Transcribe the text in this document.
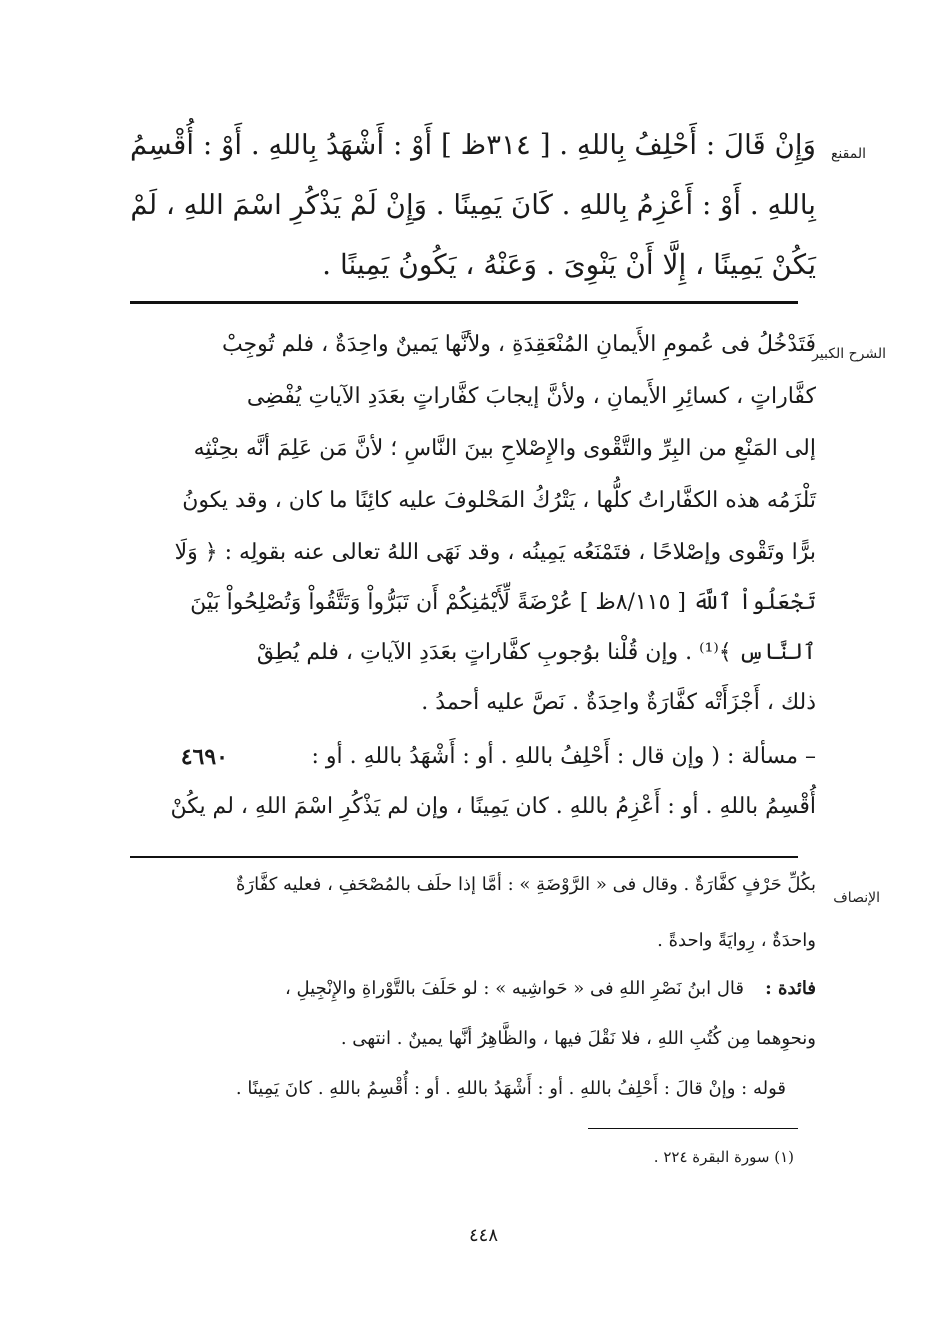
المقنع
وَإِنْ قَالَ : أَحْلِفُ بِاللهِ . [ ٣١٤ظ ] أَوْ : أَشْهَدُ بِاللهِ . أَوْ : أُقْسِمُ
بِاللهِ . أَوْ : أَعْزِمُ بِاللهِ . كَانَ يَمِينًا . وَإِنْ لَمْ يَذْكُرِ اسْمَ اللهِ ، لَمْ
يَكُنْ يَمِينًا ، إِلَّا أَنْ يَنْوِىَ . وَعَنْهُ ، يَكُونُ يَمِينًا .
الشرح الكبير
فَتَدْخُلُ فى عُمومِ الأَيمانِ المُنْعَقِدَةِ ، ولأنَّها يَمينٌ واحِدَةٌ ، فلم تُوجِبْ
كفَّاراتٍ ، كسائِرِ الأَيمانِ ، ولأنَّ إيجابَ كفَّاراتٍ بعَدَدِ الآياتِ يُفْضِى
إلى المَنْعِ من البِرِّ والتَّقْوى والإِصْلاحِ بينَ النَّاسِ ؛ لأنَّ مَن عَلِمَ أنَّه بحِنْثِه
تَلْزَمُه هذه الكفَّاراتُ كلُّها ، يَتْرُكُ المَحْلوفَ عليه كائِنًا ما كان ، وقد يكونُ
برًّا وتَقْوى وإصْلاحًا ، فتَمْنَعُه يَمِينُه ، وقد نَهَى اللهُ تعالى عنه بقولِه : ﴿ وَلَا
تَجْعَلُواْ ٱللَّهَ [ ٨/١١٥ظ ] عُرْضَةً لِّأَيْمَٰنِكُمْ أَن تَبَرُّواْ وَتَتَّقُواْ وَتُصْلِحُواْ بَيْنَ
ٱلنَّاسِ ﴾⁽¹⁾ . وإن قُلْنا بوُجوبِ كفَّاراتٍ بعَدَدِ الآياتِ ، فلم يُطِقْ
ذلك ، أَجْزَأَتْه كفَّارَةٌ واحِدَةٌ . نَصَّ عليه أحمدُ .
٤٦٩٠	– مسألة : ( وإن قال : أَحْلِفُ باللهِ . أو : أَشْهَدُ باللهِ . أو :
أُقْسِمُ باللهِ . أو : أَعْزِمُ باللهِ . كان يَمِينًا ، وإن لم يَذْكُرِ اسْمَ اللهِ ، لم يكُنْ
الإنصاف
بكُلِّ حَرْفٍ كفَّارَةٌ . وقال فى « الرَّوْضَةِ » : أمَّا إذا حلَف بالمُصْحَفِ ، فعليه كفَّارَةٌ
واحدَةٌ ، رِوايَةً واحدةً .
فائدة :
قال ابنُ نَصْرِ اللهِ فى « حَواشِيه » : لو حَلَفَ بالتَّوْراةِ والإِنْجِيلِ ،
ونحوِهما مِن كُتُبِ اللهِ ، فلا نَقْلَ فيها ، والظَّاهِرُ أنَّها يمينٌ . انتهى .
قوله : وإنْ قالَ : أَحْلِفُ باللهِ . أو : أَشْهَدُ باللهِ . أو : أُقْسِمُ باللهِ . كانَ يَمِينًا .
(١) سورة البقرة ٢٢٤ .
٤٤٨
